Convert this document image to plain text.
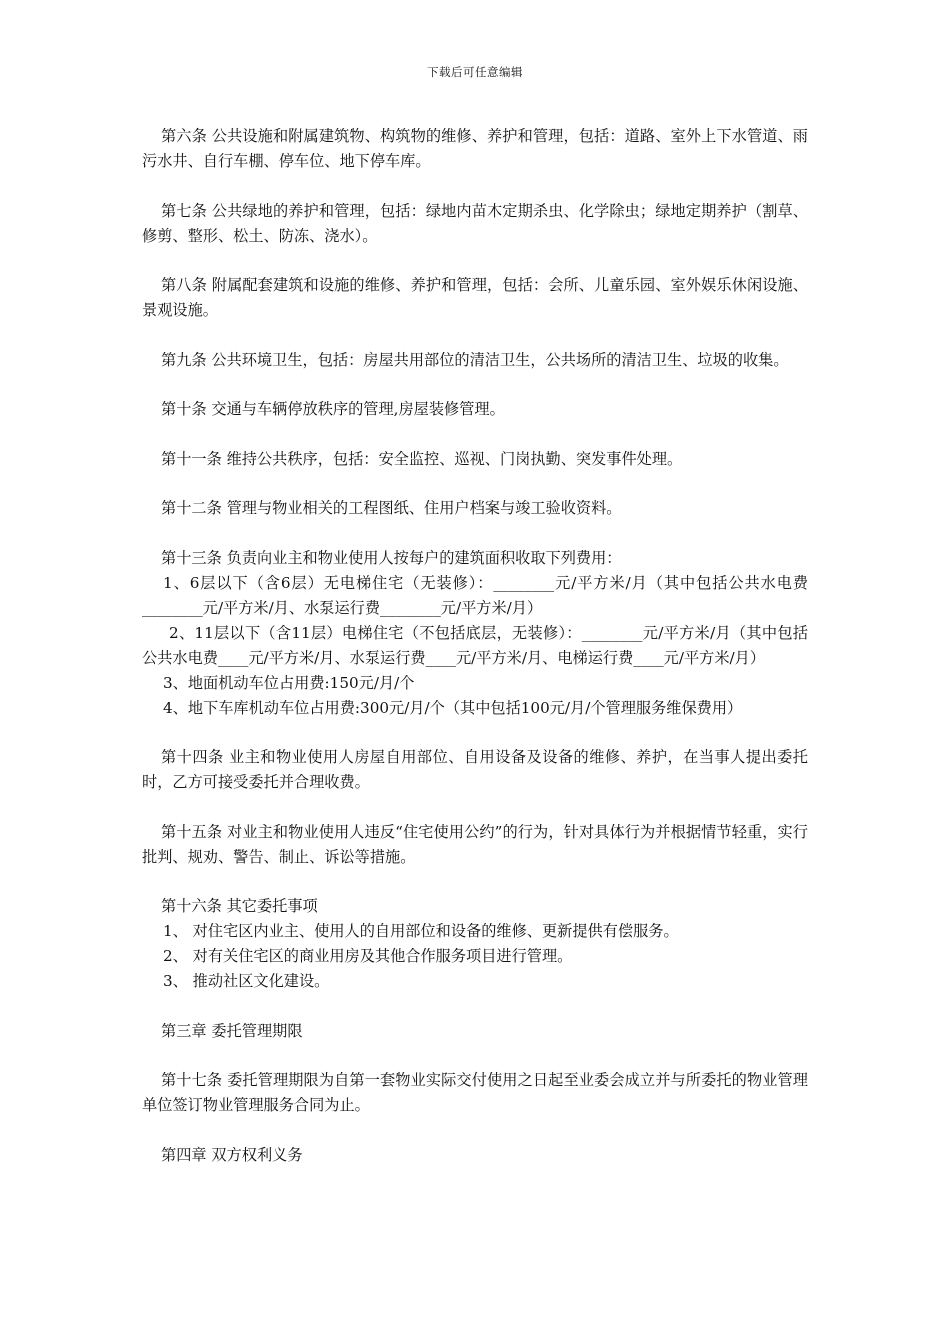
下载后可任意编辑

第六条 公共设施和附属建筑物、构筑物的维修、养护和管理，包括：道路、室外上下水管道、雨污水井、自行车棚、停车位、地下停车库。

第七条 公共绿地的养护和管理，包括：绿地内苗木定期杀虫、化学除虫；绿地定期养护（割草、修剪、整形、松土、防冻、浇水）。

第八条 附属配套建筑和设施的维修、养护和管理，包括：会所、儿童乐园、室外娱乐休闲设施、景观设施。

第九条 公共环境卫生，包括：房屋共用部位的清洁卫生，公共场所的清洁卫生、垃圾的收集。

第十条 交通与车辆停放秩序的管理,房屋装修管理。

第十一条 维持公共秩序，包括：安全监控、巡视、门岗执勤、突发事件处理。

第十二条 管理与物业相关的工程图纸、住用户档案与竣工验收资料。

第十三条 负责向业主和物业使用人按每户的建筑面积收取下列费用：

1、6层以下（含6层）无电梯住宅（无装修）：________元/平方米/月（其中包括公共水电费________元/平方米/月、水泵运行费________元/平方米/月）

2、11层以下（含11层）电梯住宅（不包括底层，无装修）：________元/平方米/月（其中包括公共水电费____元/平方米/月、水泵运行费____元/平方米/月、电梯运行费____元/平方米/月）

3、地面机动车位占用费:150元/月/个

4、地下车库机动车位占用费:300元/月/个（其中包括100元/月/个管理服务维保费用）

第十四条 业主和物业使用人房屋自用部位、自用设备及设备的维修、养护，在当事人提出委托时，乙方可接受委托并合理收费。

第十五条 对业主和物业使用人违反“住宅使用公约”的行为，针对具体行为并根据情节轻重，实行批判、规劝、警告、制止、诉讼等措施。

第十六条 其它委托事项

1、 对住宅区内业主、使用人的自用部位和设备的维修、更新提供有偿服务。

2、 对有关住宅区的商业用房及其他合作服务项目进行管理。

3、 推动社区文化建设。

第三章 委托管理期限

第十七条 委托管理期限为自第一套物业实际交付使用之日起至业委会成立并与所委托的物业管理单位签订物业管理服务合同为止。

第四章 双方权利义务
